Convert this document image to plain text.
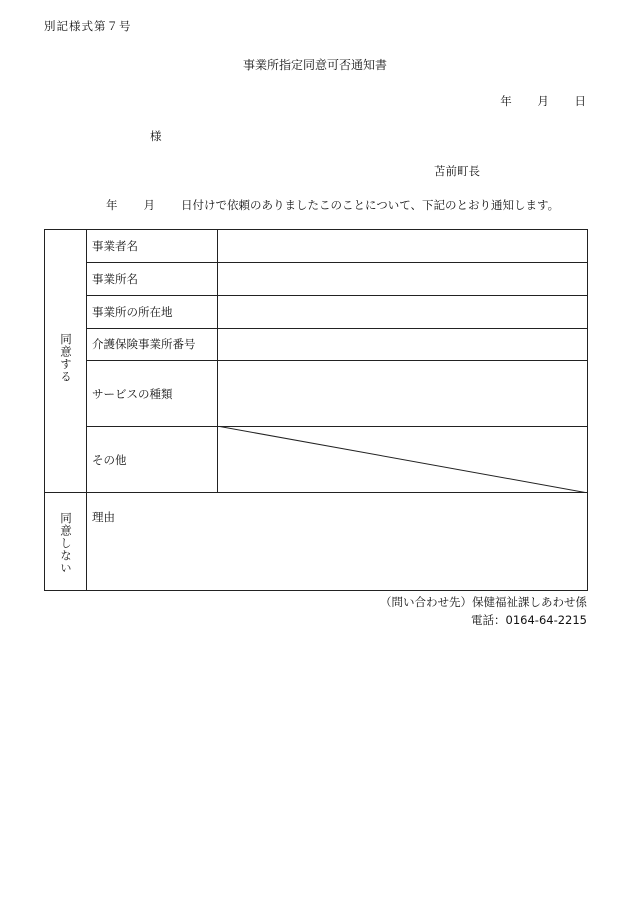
別記様式第７号
事業所指定同意可否通知書
年 月 日
様
苫前町長
年 月 日付けで依頼のありましたこのことについて、下記のとおり通知します。
同意する
同意しない
事業者名
事業所名
事業所の所在地
介護保険事業所番号
サービスの種類
その他
理由
（問い合わせ先）保健福祉課しあわせ係
電話：0164-64-2215
